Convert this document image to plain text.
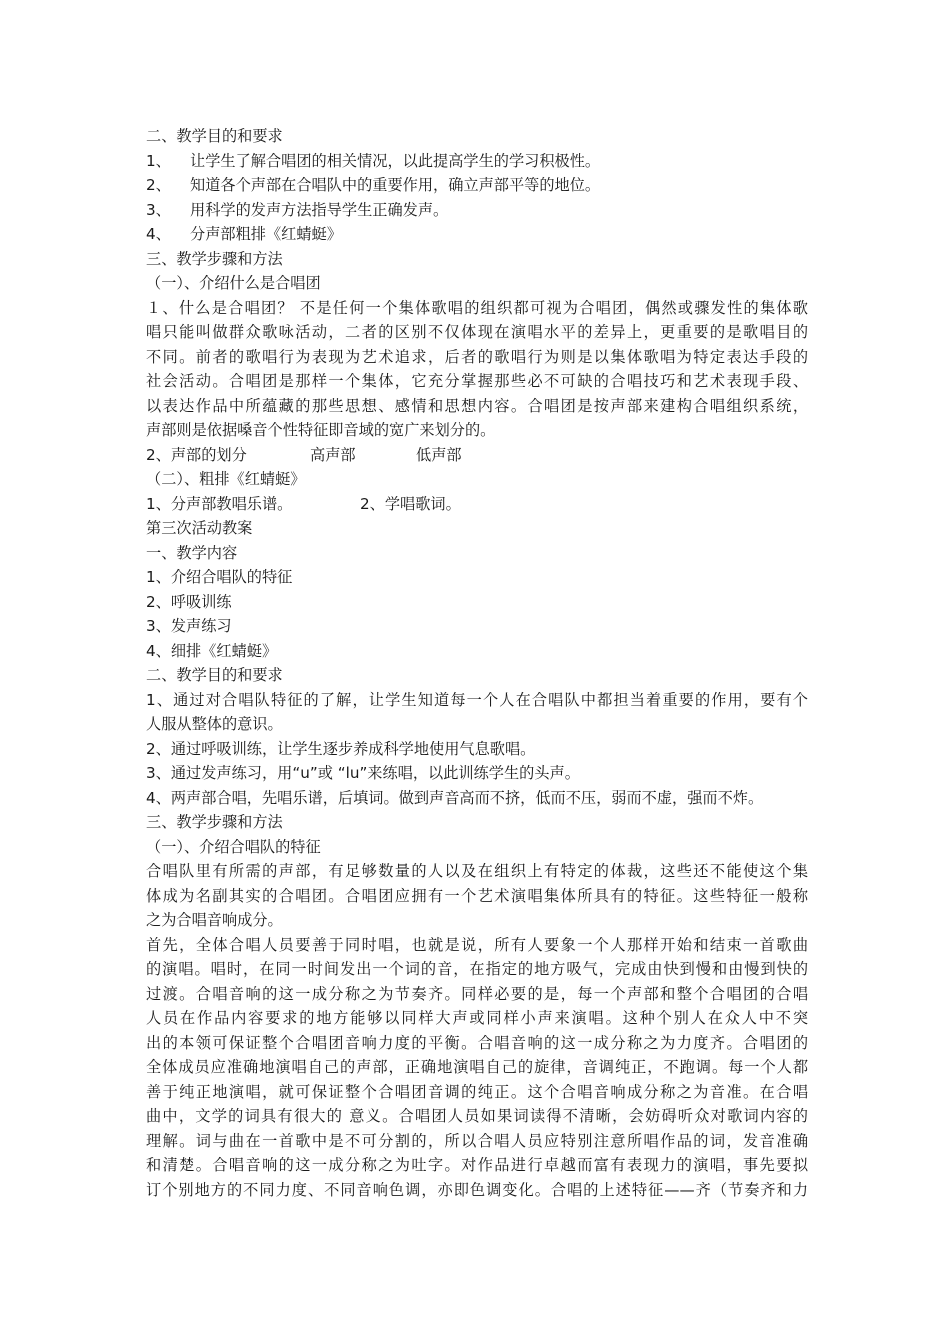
二、教学目的和要求
1、 让学生了解合唱团的相关情况，以此提高学生的学习积极性。
2、 知道各个声部在合唱队中的重要作用，确立声部平等的地位。
3、 用科学的发声方法指导学生正确发声。
4、 分声部粗排《红蜻蜓》
三、教学步骤和方法
（一）、介绍什么是合唱团
１、什么是合唱团？ 不是任何一个集体歌唱的组织都可视为合唱团，偶然或骤发性的集体歌
唱只能叫做群众歌咏活动，二者的区别不仅体现在演唱水平的差异上，更重要的是歌唱目的
不同。前者的歌唱行为表现为艺术追求，后者的歌唱行为则是以集体歌唱为特定表达手段的
社会活动。合唱团是那样一个集体，它充分掌握那些必不可缺的合唱技巧和艺术表现手段、
以表达作品中所蕴藏的那些思想、感情和思想内容。合唱团是按声部来建构合唱组织系统，
声部则是依据嗓音个性特征即音域的宽广来划分的。
2、声部的划分	高声部	低声部
（二）、粗排《红蜻蜓》
1、分声部教唱乐谱。	2、学唱歌词。
第三次活动教案
一、教学内容
1、介绍合唱队的特征
2、呼吸训练
3、发声练习
4、细排《红蜻蜓》
二、教学目的和要求
1、通过对合唱队特征的了解，让学生知道每一个人在合唱队中都担当着重要的作用，要有个
人服从整体的意识。
2、通过呼吸训练，让学生逐步养成科学地使用气息歌唱。
3、通过发声练习，用“u”或 “lu”来练唱，以此训练学生的头声。
4、两声部合唱，先唱乐谱，后填词。做到声音高而不挤，低而不压，弱而不虚，强而不炸。
三、教学步骤和方法
（一）、介绍合唱队的特征
合唱队里有所需的声部，有足够数量的人以及在组织上有特定的体裁，这些还不能使这个集
体成为名副其实的合唱团。合唱团应拥有一个艺术演唱集体所具有的特征。这些特征一般称
之为合唱音响成分。
首先，全体合唱人员要善于同时唱，也就是说，所有人要象一个人那样开始和结束一首歌曲
的演唱。唱时，在同一时间发出一个词的音，在指定的地方吸气，完成由快到慢和由慢到快的
过渡。合唱音响的这一成分称之为节奏齐。同样必要的是，每一个声部和整个合唱团的合唱
人员在作品内容要求的地方能够以同样大声或同样小声来演唱。这种个别人在众人中不突
出的本领可保证整个合唱团音响力度的平衡。合唱音响的这一成分称之为力度齐。合唱团的
全体成员应准确地演唱自己的声部，正确地演唱自己的旋律，音调纯正，不跑调。每一个人都
善于纯正地演唱，就可保证整个合唱团音调的纯正。这个合唱音响成分称之为音准。在合唱
曲中，文学的词具有很大的 意义。合唱团人员如果词读得不清晰，会妨碍听众对歌词内容的
理解。词与曲在一首歌中是不可分割的，所以合唱人员应特别注意所唱作品的词，发音准确
和清楚。合唱音响的这一成分称之为吐字。对作品进行卓越而富有表现力的演唱，事先要拟
订个别地方的不同力度、不同音响色调，亦即色调变化。合唱的上述特征——齐（节奏齐和力
